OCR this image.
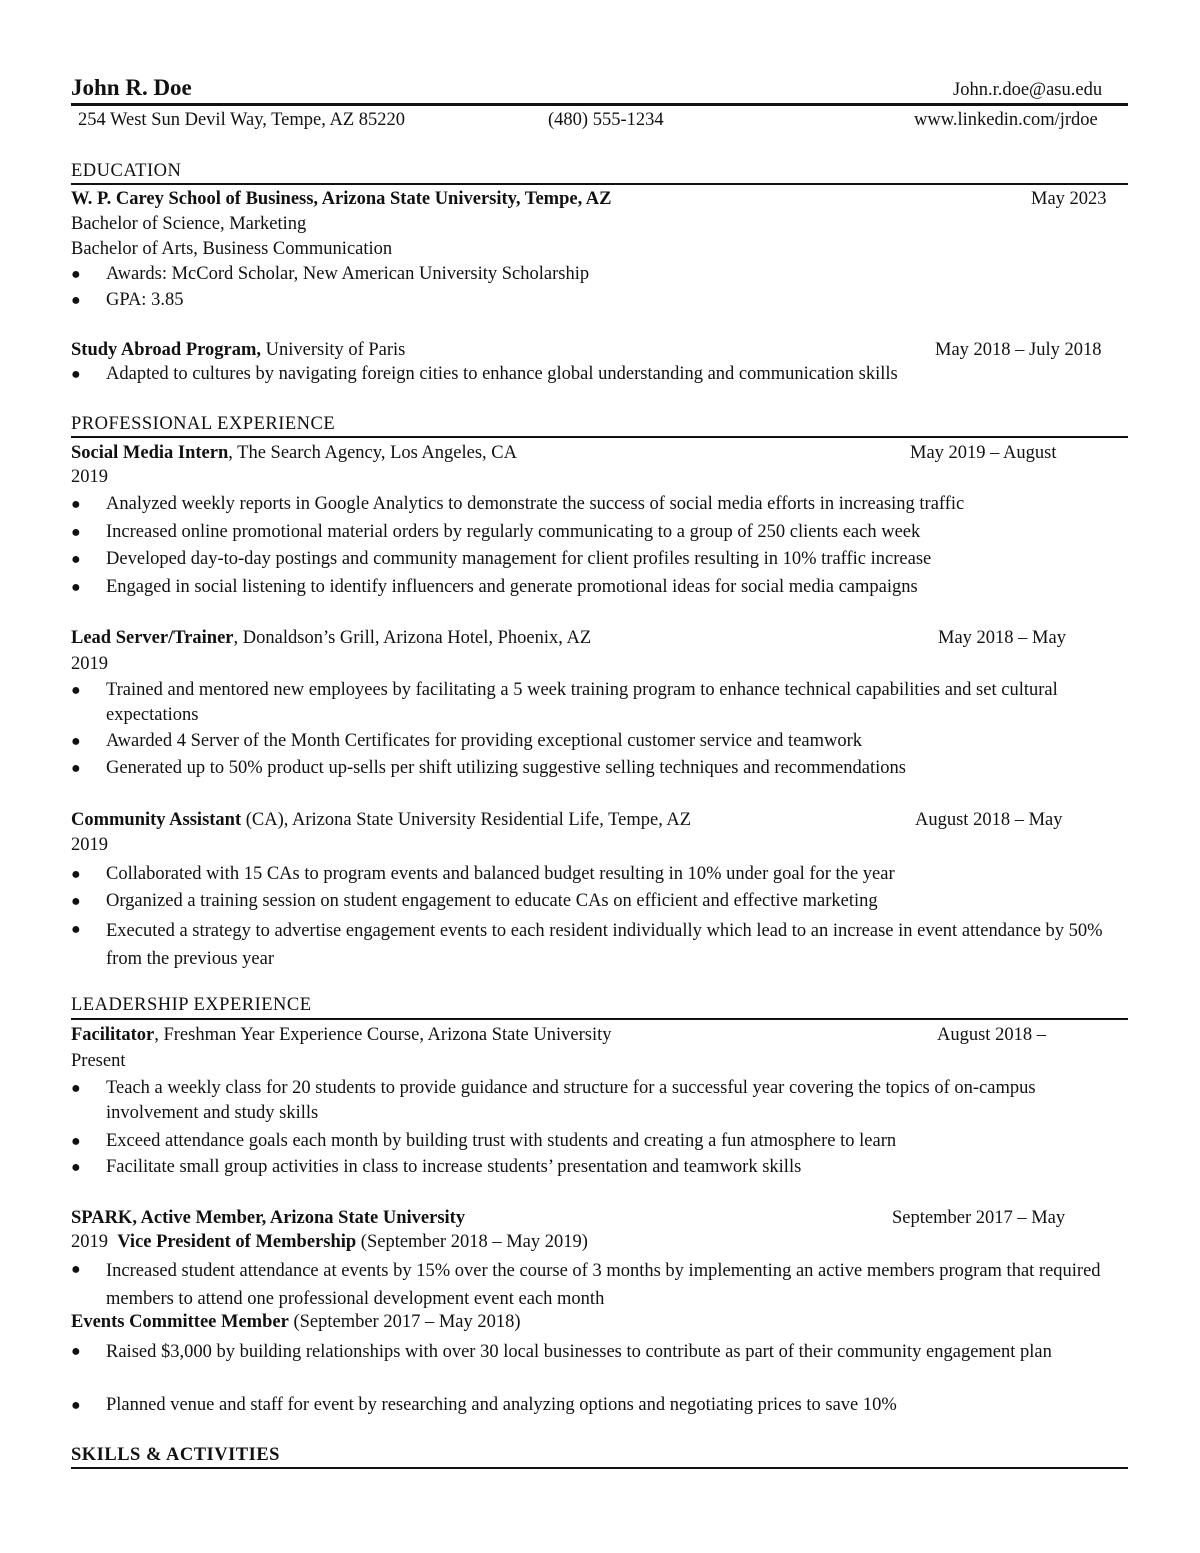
John R. Doe	John.r.doe@asu.edu
254 West Sun Devil Way, Tempe, AZ 85220	(480) 555-1234	www.linkedin.com/jrdoe
EDUCATION
W. P. Carey School of Business, Arizona State University, Tempe, AZ	May 2023
Bachelor of Science, Marketing
Bachelor of Arts, Business Communication
●	Awards: McCord Scholar, New American University Scholarship
●	GPA: 3.85
Study Abroad Program, University of Paris	May 2018 – July 2018
●	Adapted to cultures by navigating foreign cities to enhance global understanding and communication skills
PROFESSIONAL EXPERIENCE
Social Media Intern, The Search Agency, Los Angeles, CA	May 2019 – August
2019
●	Analyzed weekly reports in Google Analytics to demonstrate the success of social media efforts in increasing traffic
●	Increased online promotional material orders by regularly communicating to a group of 250 clients each week
●	Developed day-to-day postings and community management for client profiles resulting in 10% traffic increase
●	Engaged in social listening to identify influencers and generate promotional ideas for social media campaigns
Lead Server/Trainer, Donaldson’s Grill, Arizona Hotel, Phoenix, AZ	May 2018 – May
2019
●	Trained and mentored new employees by facilitating a 5 week training program to enhance technical capabilities and set cultural expectations
●	Awarded 4 Server of the Month Certificates for providing exceptional customer service and teamwork
●	Generated up to 50% product up-sells per shift utilizing suggestive selling techniques and recommendations
Community Assistant (CA), Arizona State University Residential Life, Tempe, AZ	August 2018 – May
2019
●	Collaborated with 15 CAs to program events and balanced budget resulting in 10% under goal for the year
●	Organized a training session on student engagement to educate CAs on efficient and effective marketing
●	Executed a strategy to advertise engagement events to each resident individually which lead to an increase in event attendance by 50% from the previous year
LEADERSHIP EXPERIENCE
Facilitator, Freshman Year Experience Course, Arizona State University	August 2018 –
Present
●	Teach a weekly class for 20 students to provide guidance and structure for a successful year covering the topics of on-campus involvement and study skills
●	Exceed attendance goals each month by building trust with students and creating a fun atmosphere to learn
●	Facilitate small group activities in class to increase students’ presentation and teamwork skills
SPARK, Active Member, Arizona State University	September 2017 – May
2019 Vice President of Membership (September 2018 – May 2019)
●	Increased student attendance at events by 15% over the course of 3 months by implementing an active members program that required members to attend one professional development event each month
Events Committee Member (September 2017 – May 2018)
●	Raised $3,000 by building relationships with over 30 local businesses to contribute as part of their community engagement plan
●	Planned venue and staff for event by researching and analyzing options and negotiating prices to save 10%
SKILLS & ACTIVITIES
